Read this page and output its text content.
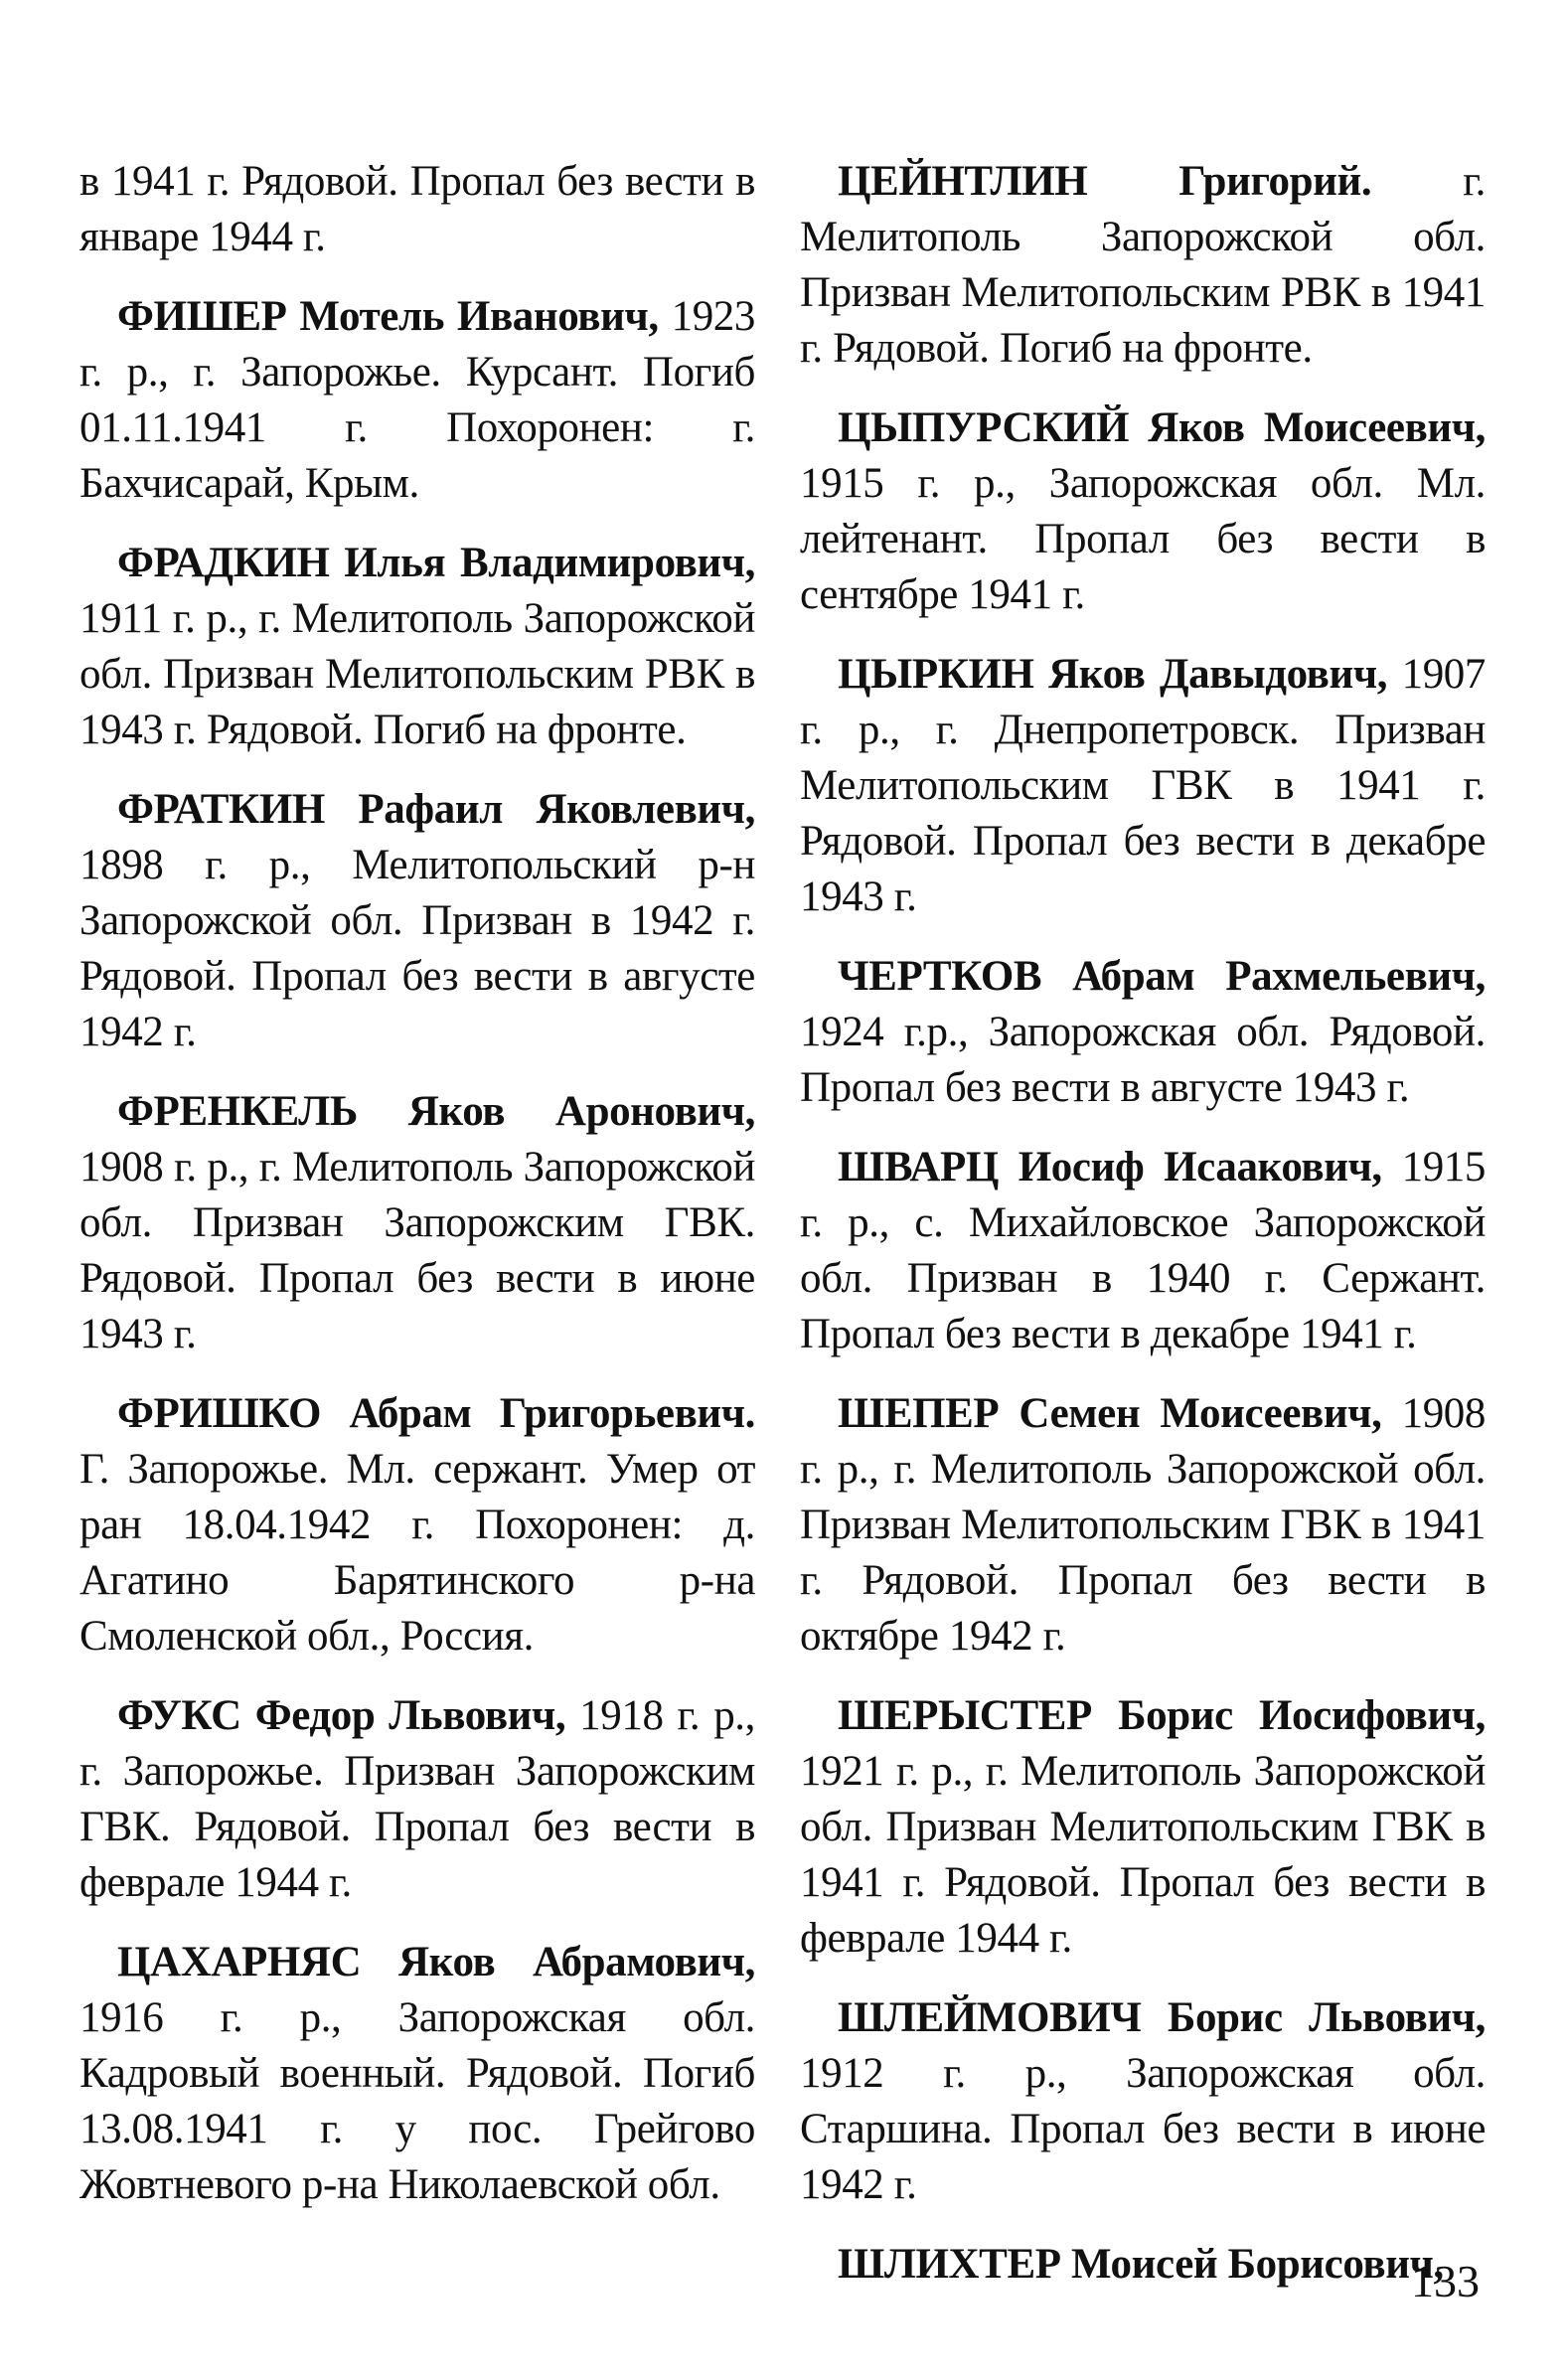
в 1941 г. Рядовой. Пропал без вести в январе 1944 г.

ФИШЕР Мотель Иванович, 1923 г. р., г. Запорожье. Курсант. Погиб 01.11.1941 г. Похоронен: г. Бахчисарай, Крым.

ФРАДКИН Илья Владимирович, 1911 г. р., г. Мелитополь Запорожской обл. Призван Мелитопольским РВК в 1943 г. Рядовой. Погиб на фронте.

ФРАТКИН Рафаил Яковлевич, 1898 г. р., Мелитопольский р-н Запорожской обл. Призван в 1942 г. Рядовой. Пропал без вести в августе 1942 г.

ФРЕНКЕЛЬ Яков Аронович, 1908 г. р., г. Мелитополь Запорожской обл. Призван Запорожским ГВК. Рядовой. Пропал без вести в июне 1943 г.

ФРИШКО Абрам Григорьевич. Г. Запорожье. Мл. сержант. Умер от ран 18.04.1942 г. Похоронен: д. Агатино Барятинского р-на Смоленской обл., Россия.

ФУКС Федор Львович, 1918 г. р., г. Запорожье. Призван Запорожским ГВК. Рядовой. Пропал без вести в феврале 1944 г.

ЦАХАРНЯС Яков Абрамович, 1916 г. р., Запорожская обл. Кадровый военный. Рядовой. Погиб 13.08.1941 г. у пос. Грейгово Жовтневого р-на Николаевской обл.

ЦЕЙНТЛИН Григорий. г. Мелитополь Запорожской обл. Призван Мелитопольским РВК в 1941 г. Рядовой. Погиб на фронте.

ЦЫПУРСКИЙ Яков Моисеевич, 1915 г. р., Запорожская обл. Мл. лейтенант. Пропал без вести в сентябре 1941 г.

ЦЫРКИН Яков Давыдович, 1907 г. р., г. Днепропетровск. Призван Мелитопольским ГВК в 1941 г. Рядовой. Пропал без вести в декабре 1943 г.

ЧЕРТКОВ Абрам Рахмельевич, 1924 г.р., Запорожская обл. Рядовой. Пропал без вести в августе 1943 г.

ШВАРЦ Иосиф Исаакович, 1915 г. р., с. Михайловское Запорожской обл. Призван в 1940 г. Сержант. Пропал без вести в декабре 1941 г.

ШЕПЕР Семен Моисеевич, 1908 г. р., г. Мелитополь Запорожской обл. Призван Мелитопольским ГВК в 1941 г. Рядовой. Пропал без вести в октябре 1942 г.

ШЕРЫСТЕР Борис Иосифович, 1921 г. р., г. Мелитополь Запорожской обл. Призван Мелитопольским ГВК в 1941 г. Рядовой. Пропал без вести в феврале 1944 г.

ШЛЕЙМОВИЧ Борис Львович, 1912 г. р., Запорожская обл. Старшина. Пропал без вести в июне 1942 г.

ШЛИХТЕР Моисей Борисович,

133
